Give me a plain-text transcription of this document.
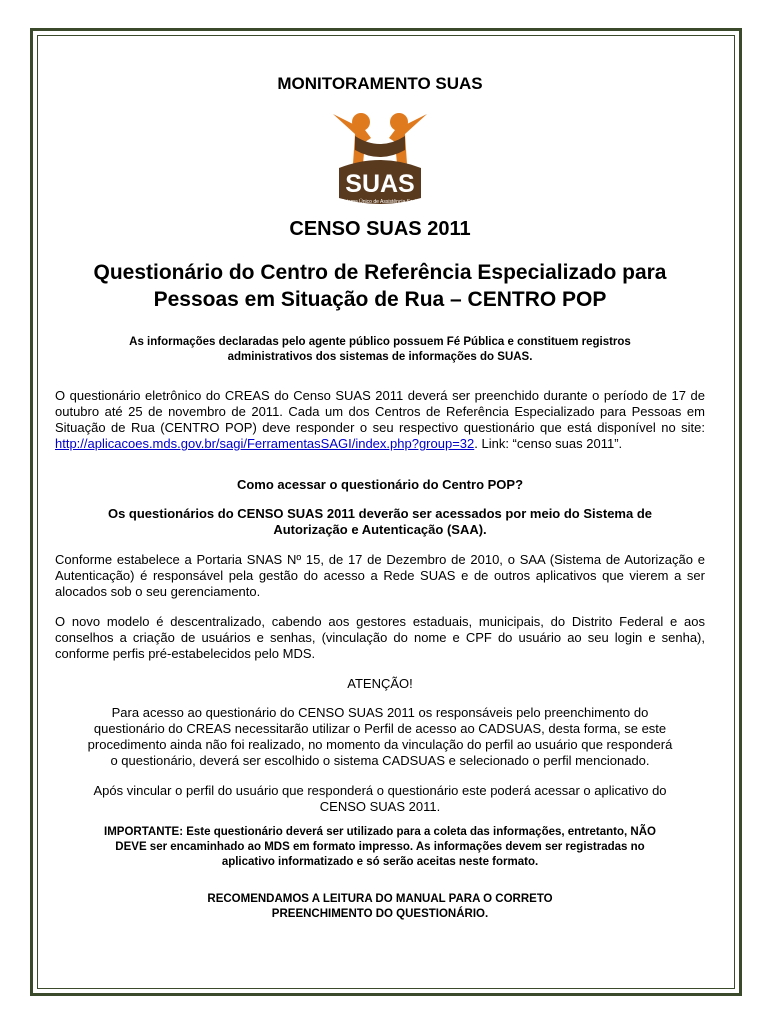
MONITORAMENTO SUAS
SUAS
Sistema Único de Assistência Social
CENSO SUAS 2011
Questionário do Centro de Referência Especializado para
Pessoas em Situação de Rua – CENTRO POP
As informações declaradas pelo agente público possuem Fé Pública e constituem registros
administrativos dos sistemas de informações do SUAS.

O questionário eletrônico do CREAS do Censo SUAS 2011 deverá ser preenchido durante o período de 17 de outubro até 25 de novembro de 2011. Cada um dos Centros de Referência Especializado para Pessoas em Situação de Rua (CENTRO POP) deve responder o seu respectivo questionário que está disponível no site: http://aplicacoes.mds.gov.br/sagi/FerramentasSAGI/index.php?group=32. Link: “censo suas 2011”.

Como acessar o questionário do Centro POP?
Os questionários do CENSO SUAS 2011 deverão ser acessados por meio do Sistema de
Autorização e Autenticação (SAA).

Conforme estabelece a Portaria SNAS Nº 15, de 17 de Dezembro de 2010, o SAA (Sistema de Autorização e Autenticação) é responsável pela gestão do acesso a Rede SUAS e de outros aplicativos que vierem a ser alocados sob o seu gerenciamento.

O novo modelo é descentralizado, cabendo aos gestores estaduais, municipais, do Distrito Federal e aos conselhos a criação de usuários e senhas, (vinculação do nome e CPF do usuário ao seu login e senha), conforme perfis pré-estabelecidos pelo MDS.

ATENÇÃO!
Para acesso ao questionário do CENSO SUAS 2011 os responsáveis pelo preenchimento do
questionário do CREAS necessitarão utilizar o Perfil de acesso ao CADSUAS, desta forma, se este
procedimento ainda não foi realizado, no momento da vinculação do perfil ao usuário que responderá
o questionário, deverá ser escolhido o sistema CADSUAS e selecionado o perfil mencionado.
Após vincular o perfil do usuário que responderá o questionário este poderá acessar o aplicativo do
CENSO SUAS 2011.
IMPORTANTE: Este questionário deverá ser utilizado para a coleta das informações, entretanto, NÃO
DEVE ser encaminhado ao MDS em formato impresso. As informações devem ser registradas no
aplicativo informatizado e só serão aceitas neste formato.
RECOMENDAMOS A LEITURA DO MANUAL PARA O CORRETO
PREENCHIMENTO DO QUESTIONÁRIO.
